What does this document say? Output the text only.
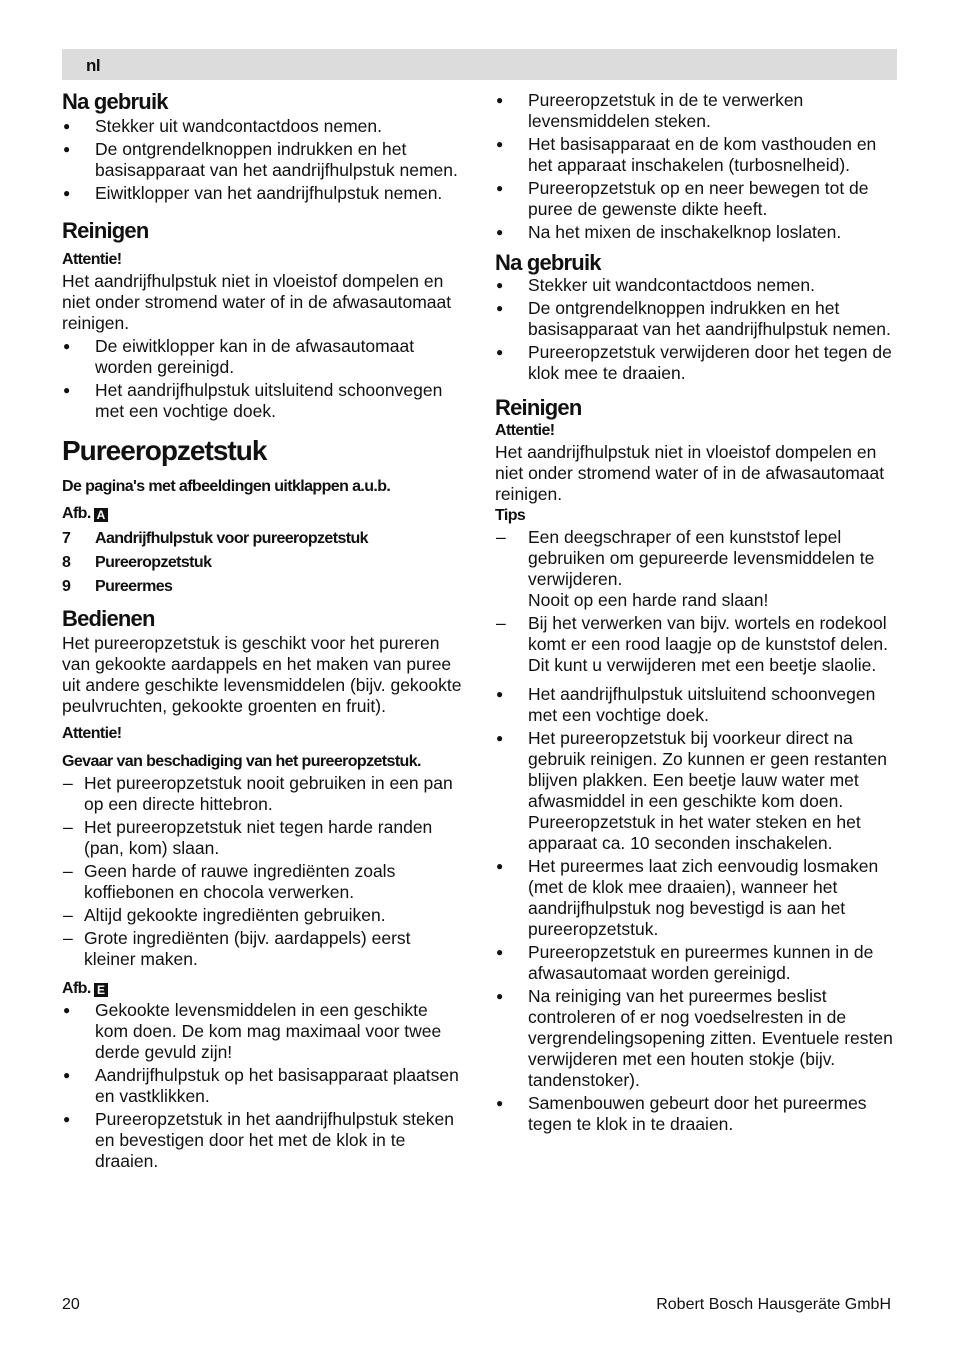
nl
Na gebruik
● Stekker uit wandcontactdoos nemen.
● De ontgrendelknoppen indrukken en het basisapparaat van het aandrijfhulpstuk nemen.
● Eiwitklopper van het aandrijfhulpstuk nemen.
Reinigen
Attentie!
Het aandrijfhulpstuk niet in vloeistof dompelen en niet onder stromend water of in de afwasautomaat reinigen.
● De eiwitklopper kan in de afwasautomaat worden gereinigd.
● Het aandrijfhulpstuk uitsluitend schoonvegen met een vochtige doek.
Pureeropzetstuk
De pagina's met afbeeldingen uitklappen a.u.b.
Afb. A
7 Aandrijfhulpstuk voor pureeropzetstuk
8 Pureeropzetstuk
9 Pureermes
Bedienen
Het pureeropzetstuk is geschikt voor het pureren van gekookte aardappels en het maken van puree uit andere geschikte levensmiddelen (bijv. gekookte peulvruchten, gekookte groenten en fruit).
Attentie!
Gevaar van beschadiging van het pureeropzetstuk.
– Het pureeropzetstuk nooit gebruiken in een pan op een directe hittebron.
– Het pureeropzetstuk niet tegen harde randen (pan, kom) slaan.
– Geen harde of rauwe ingrediënten zoals koffiebonen en chocola verwerken.
– Altijd gekookte ingrediënten gebruiken.
– Grote ingrediënten (bijv. aardappels) eerst kleiner maken.
Afb. E
● Gekookte levensmiddelen in een geschikte kom doen. De kom mag maximaal voor twee derde gevuld zijn!
● Aandrijfhulpstuk op het basisapparaat plaatsen en vastklikken.
● Pureeropzetstuk in het aandrijfhulpstuk steken en bevestigen door het met de klok in te draaien.
● Pureeropzetstuk in de te verwerken levensmiddelen steken.
● Het basisapparaat en de kom vasthouden en het apparaat inschakelen (turbosnelheid).
● Pureeropzetstuk op en neer bewegen tot de puree de gewenste dikte heeft.
● Na het mixen de inschakelknop loslaten.
Na gebruik
● Stekker uit wandcontactdoos nemen.
● De ontgrendelknoppen indrukken en het basisapparaat van het aandrijfhulpstuk nemen.
● Pureeropzetstuk verwijderen door het tegen de klok mee te draaien.
Reinigen
Attentie!
Het aandrijfhulpstuk niet in vloeistof dompelen en niet onder stromend water of in de afwasautomaat reinigen.
Tips
– Een deegschraper of een kunststof lepel gebruiken om gepureerde levensmiddelen te verwijderen.
Nooit op een harde rand slaan!
– Bij het verwerken van bijv. wortels en rodekool komt er een rood laagje op de kunststof delen. Dit kunt u verwijderen met een beetje slaolie.
● Het aandrijfhulpstuk uitsluitend schoonvegen met een vochtige doek.
● Het pureeropzetstuk bij voorkeur direct na gebruik reinigen. Zo kunnen er geen restanten blijven plakken. Een beetje lauw water met afwasmiddel in een geschikte kom doen. Pureeropzetstuk in het water steken en het apparaat ca. 10 seconden inschakelen.
● Het pureermes laat zich eenvoudig losmaken (met de klok mee draaien), wanneer het aandrijfhulpstuk nog bevestigd is aan het pureeropzetstuk.
● Pureeropzetstuk en pureermes kunnen in de afwasautomaat worden gereinigd.
● Na reiniging van het pureermes beslist controleren of er nog voedselresten in de vergrendelingsopening zitten. Eventuele resten verwijderen met een houten stokje (bijv. tandenstoker).
● Samenbouwen gebeurt door het pureermes tegen te klok in te draaien.
20	Robert Bosch Hausgeräte GmbH
